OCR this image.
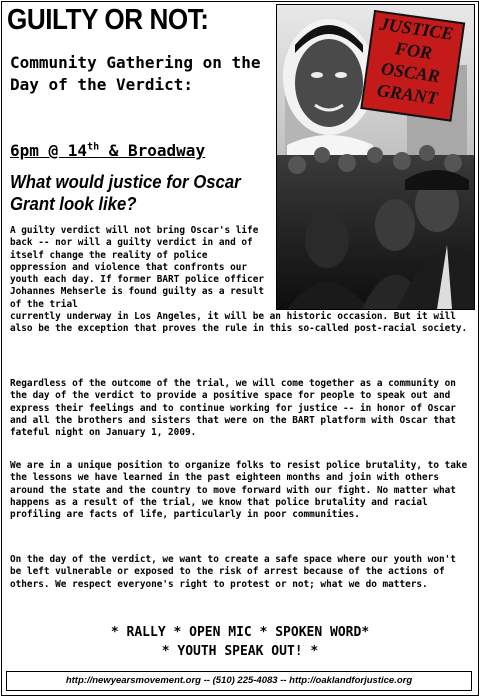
GUILTY OR NOT:
Community Gathering on the Day of the Verdict:
6pm @ 14th & Broadway
What would justice for Oscar Grant look like?
JUSTICE
FOR
OSCAR
GRANT
A guilty verdict will not bring Oscar's life back -- nor will a guilty verdict in and of itself change the reality of police oppression and violence that confronts our youth each day. If former BART police officer Johannes Mehserle is found guilty as a result of the trial
currently underway in Los Angeles, it will be an historic occasion. But it will also be the exception that proves the rule in this so-called post-racial society.

Regardless of the outcome of the trial, we will come together as a community on the day of the verdict to provide a positive space for people to speak out and express their feelings and to continue working for justice -- in honor of Oscar and all the brothers and sisters that were on the BART platform with Oscar that fateful night on January 1, 2009.

We are in a unique position to organize folks to resist police brutality, to take the lessons we have learned in the past eighteen months and join with others around the state and the country to move forward with our fight. No matter what happens as a result of the trial, we know that police brutality and racial profiling are facts of life, particularly in poor communities.

On the day of the verdict, we want to create a safe space where our youth won't be left vulnerable or exposed to the risk of arrest because of the actions of others. We respect everyone's right to protest or not; what we do matters.

* RALLY * OPEN MIC * SPOKEN WORD*
* YOUTH SPEAK OUT! *
http://newyearsmovement.org -- (510) 225-4083 -- http://oaklandforjustice.org
